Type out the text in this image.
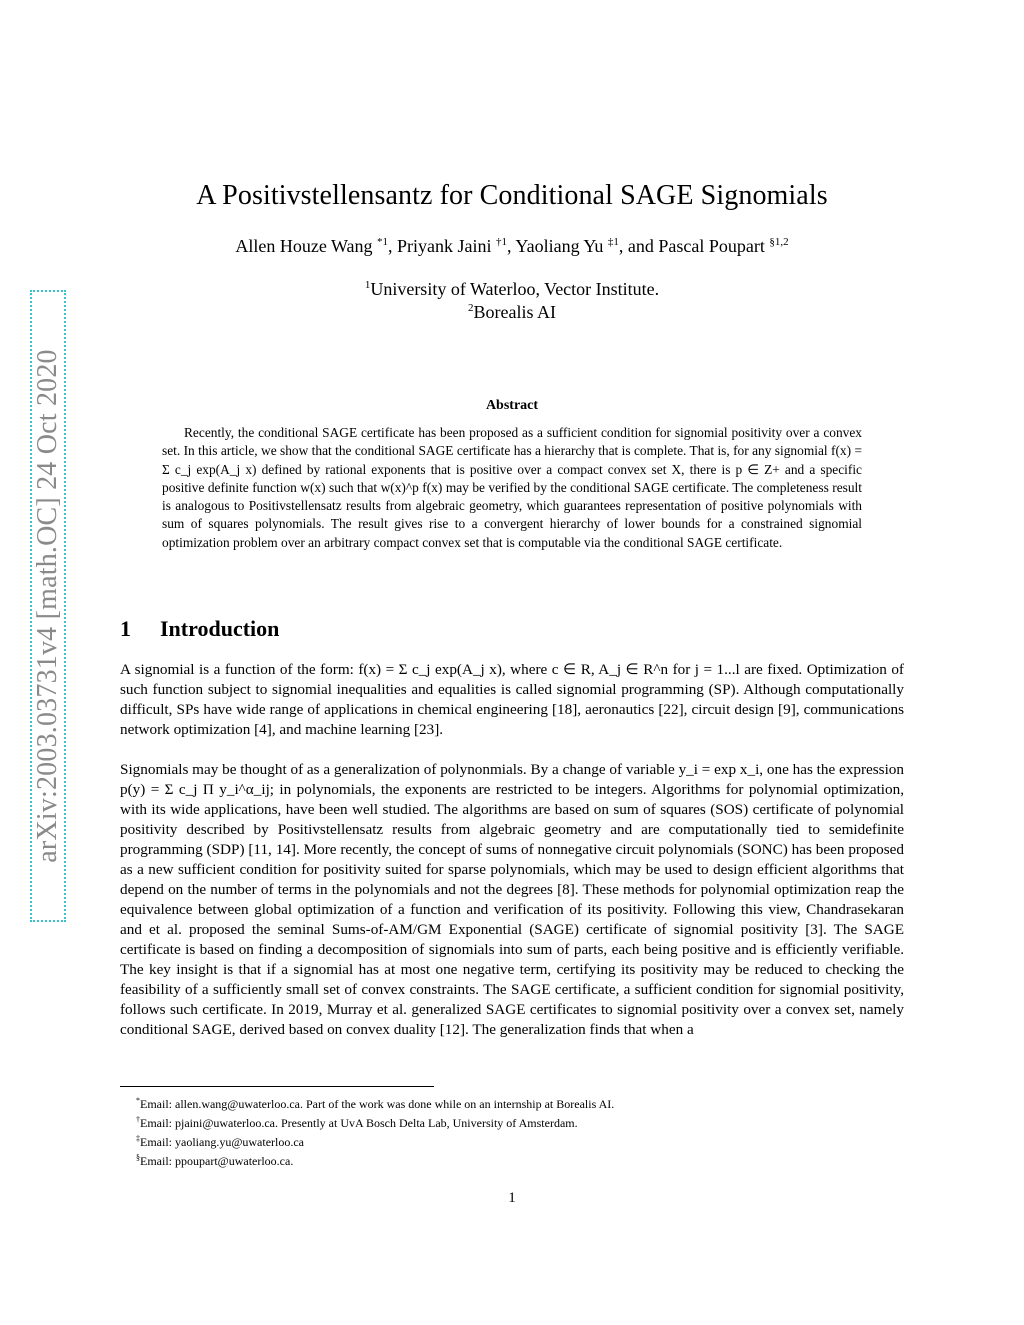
arXiv:2003.03731v4 [math.OC] 24 Oct 2020
A Positivstellensantz for Conditional SAGE Signomials
Allen Houze Wang $^{*1}$, Priyank Jaini $^{\dagger 1}$, Yaoliang Yu $^{\ddagger 1}$, and Pascal Poupart $^{\S 1,2}$
$^1$University of Waterloo, Vector Institute.
$^2$Borealis AI
Abstract

Recently, the conditional SAGE certificate has been proposed as a sufficient condition for signomial positivity over a convex set. In this article, we show that the conditional SAGE certificate has a hierarchy that is complete. That is, for any signomial f(x) = Σ c_j exp(A_j x) defined by rational exponents that is positive over a compact convex set X, there is p ∈ Z+ and a specific positive definite function w(x) such that w(x)^p f(x) may be verified by the conditional SAGE certificate. The completeness result is analogous to Positivstellensatz results from algebraic geometry, which guarantees representation of positive polynomials with sum of squares polynomials. The result gives rise to a convergent hierarchy of lower bounds for a constrained signomial optimization problem over an arbitrary compact convex set that is computable via the conditional SAGE certificate.

1 Introduction

A signomial is a function of the form: f(x) = Σ c_j exp(A_j x), where c ∈ R, A_j ∈ R^n for j = 1...l are fixed. Optimization of such function subject to signomial inequalities and equalities is called signomial programming (SP). Although computationally difficult, SPs have wide range of applications in chemical engineering [18], aeronautics [22], circuit design [9], communications network optimization [4], and machine learning [23].

Signomials may be thought of as a generalization of polynonmials. By a change of variable y_i = exp x_i, one has the expression p(y) = Σ c_j Π y_i^α_ij; in polynomials, the exponents are restricted to be integers. Algorithms for polynomial optimization, with its wide applications, have been well studied. The algorithms are based on sum of squares (SOS) certificate of polynomial positivity described by Positivstellensatz results from algebraic geometry and are computationally tied to semidefinite programming (SDP) [11, 14]. More recently, the concept of sums of nonnegative circuit polynomials (SONC) has been proposed as a new sufficient condition for positivity suited for sparse polynomials, which may be used to design efficient algorithms that depend on the number of terms in the polynomials and not the degrees [8]. These methods for polynomial optimization reap the equivalence between global optimization of a function and verification of its positivity. Following this view, Chandrasekaran and et al. proposed the seminal Sums-of-AM/GM Exponential (SAGE) certificate of signomial positivity [3]. The SAGE certificate is based on finding a decomposition of signomials into sum of parts, each being positive and is efficiently verifiable. The key insight is that if a signomial has at most one negative term, certifying its positivity may be reduced to checking the feasibility of a sufficiently small set of convex constraints. The SAGE certificate, a sufficient condition for signomial positivity, follows such certificate. In 2019, Murray et al. generalized SAGE certificates to signomial positivity over a convex set, namely conditional SAGE, derived based on convex duality [12]. The generalization finds that when a

*Email: allen.wang@uwaterloo.ca. Part of the work was done while on an internship at Borealis AI.
†Email: pjaini@uwaterloo.ca. Presently at UvA Bosch Delta Lab, University of Amsterdam.
‡Email: yaoliang.yu@uwaterloo.ca
§Email: ppoupart@uwaterloo.ca.
1
